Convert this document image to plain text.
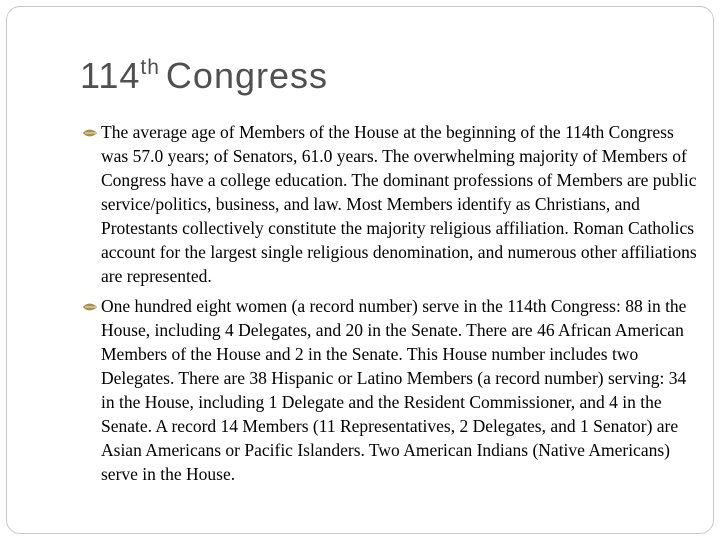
114th Congress
The average age of Members of the House at the beginning of the 114th Congress was 57.0 years; of Senators, 61.0 years. The overwhelming majority of Members of Congress have a college education. The dominant professions of Members are public service/politics, business, and law. Most Members identify as Christians, and Protestants collectively constitute the majority religious affiliation. Roman Catholics account for the largest single religious denomination, and numerous other affiliations are represented.
One hundred eight women (a record number) serve in the 114th Congress: 88 in the House, including 4 Delegates, and 20 in the Senate. There are 46 African American Members of the House and 2 in the Senate. This House number includes two Delegates. There are 38 Hispanic or Latino Members (a record number) serving: 34 in the House, including 1 Delegate and the Resident Commissioner, and 4 in the Senate. A record 14 Members (11 Representatives, 2 Delegates, and 1 Senator) are Asian Americans or Pacific Islanders. Two American Indians (Native Americans) serve in the House.
